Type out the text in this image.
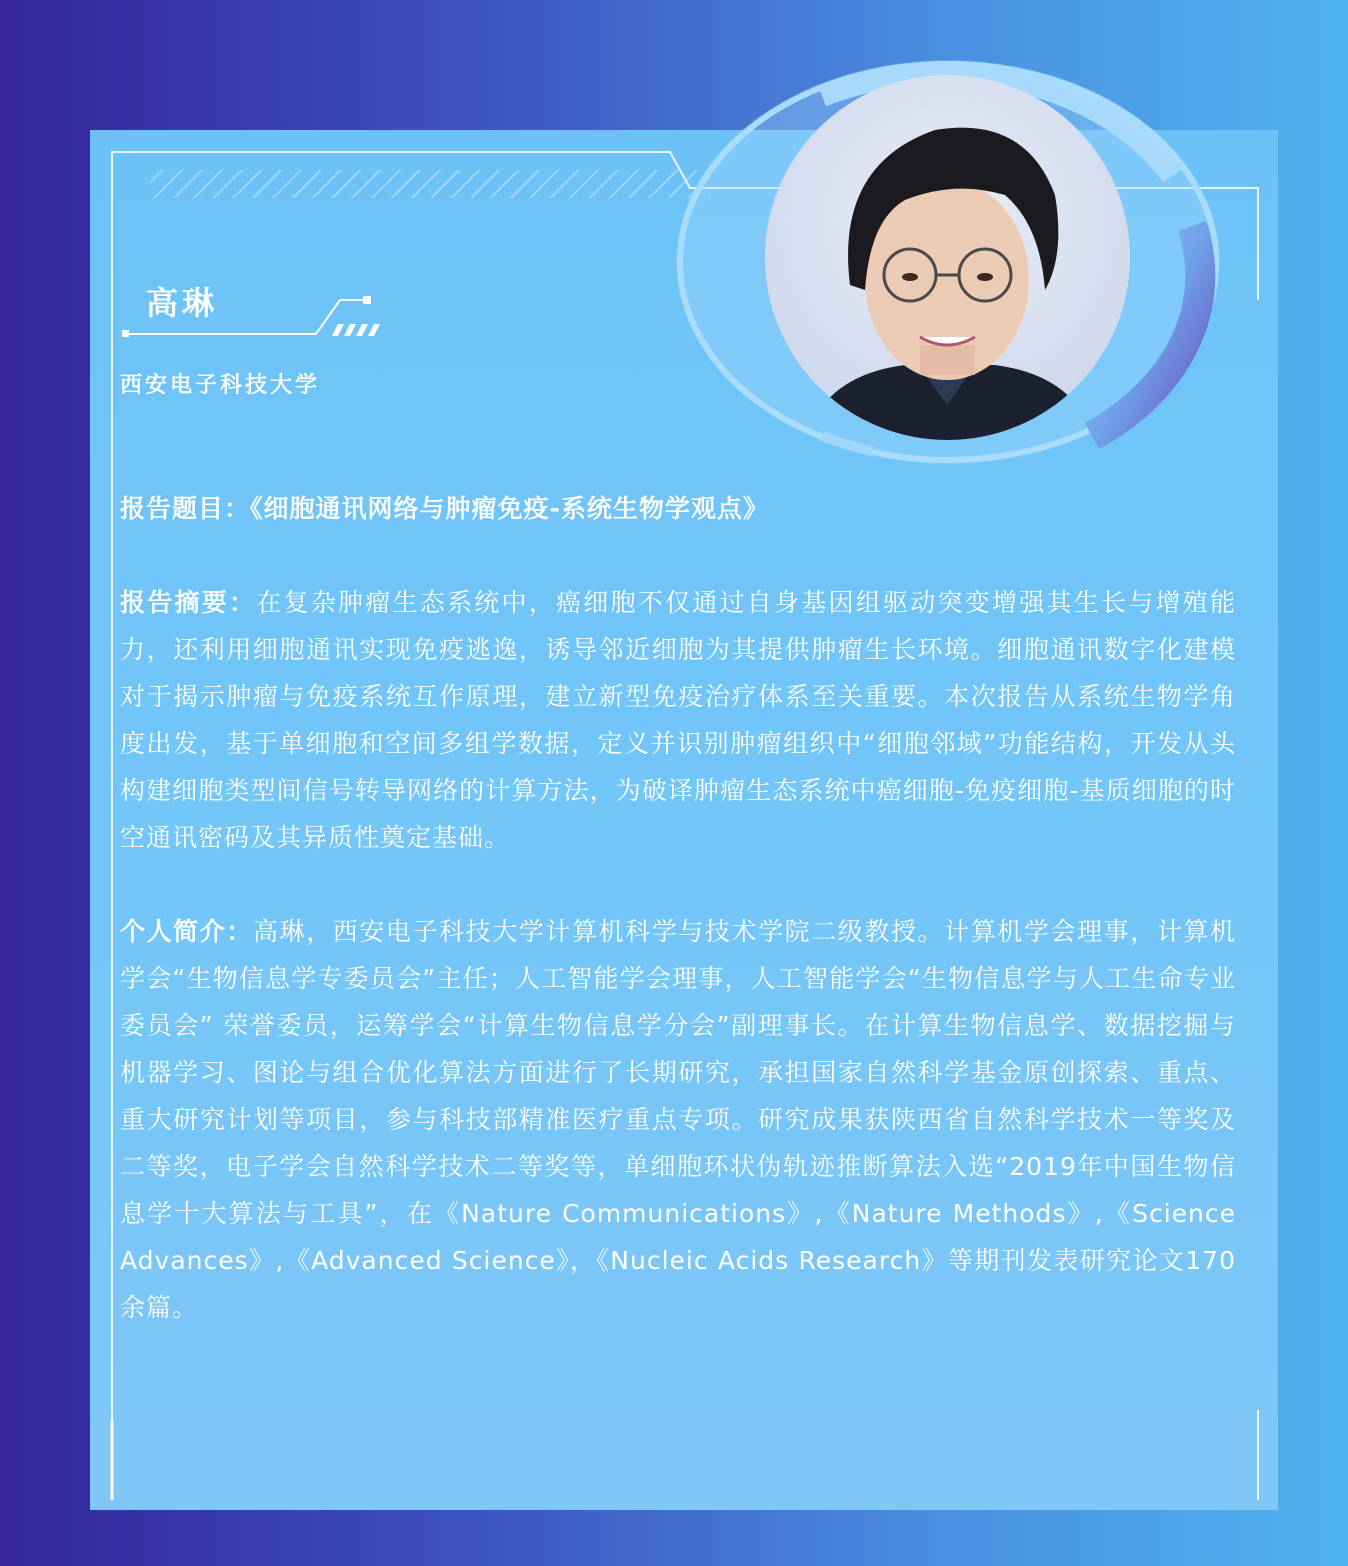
高琳

西安电子科技大学

报告题目：《细胞通讯网络与肿瘤免疫-系统生物学观点》

报告摘要：在复杂肿瘤生态系统中，癌细胞不仅通过自身基因组驱动突变增强其生长与增殖能力，还利用细胞通讯实现免疫逃逸，诱导邻近细胞为其提供肿瘤生长环境。细胞通讯数字化建模对于揭示肿瘤与免疫系统互作原理，建立新型免疫治疗体系至关重要。本次报告从系统生物学角度出发，基于单细胞和空间多组学数据，定义并识别肿瘤组织中“细胞邻域”功能结构，开发从头构建细胞类型间信号转导网络的计算方法，为破译肿瘤生态系统中癌细胞-免疫细胞-基质细胞的时空通讯密码及其异质性奠定基础。

个人简介：高琳，西安电子科技大学计算机科学与技术学院二级教授。计算机学会理事，计算机学会“生物信息学专委员会”主任；人工智能学会理事，人工智能学会“生物信息学与人工生命专业委员会” 荣誉委员，运筹学会“计算生物信息学分会”副理事长。在计算生物信息学、数据挖掘与机器学习、图论与组合优化算法方面进行了长期研究，承担国家自然科学基金原创探索、重点、重大研究计划等项目，参与科技部精准医疗重点专项。研究成果获陕西省自然科学技术一等奖及二等奖，电子学会自然科学技术二等奖等，单细胞环状伪轨迹推断算法入选“2019年中国生物信息学十大算法与工具”，在《Nature Communications》,《Nature Methods》,《Science Advances》,《Advanced Science》，《Nucleic Acids Research》等期刊发表研究论文170余篇。
